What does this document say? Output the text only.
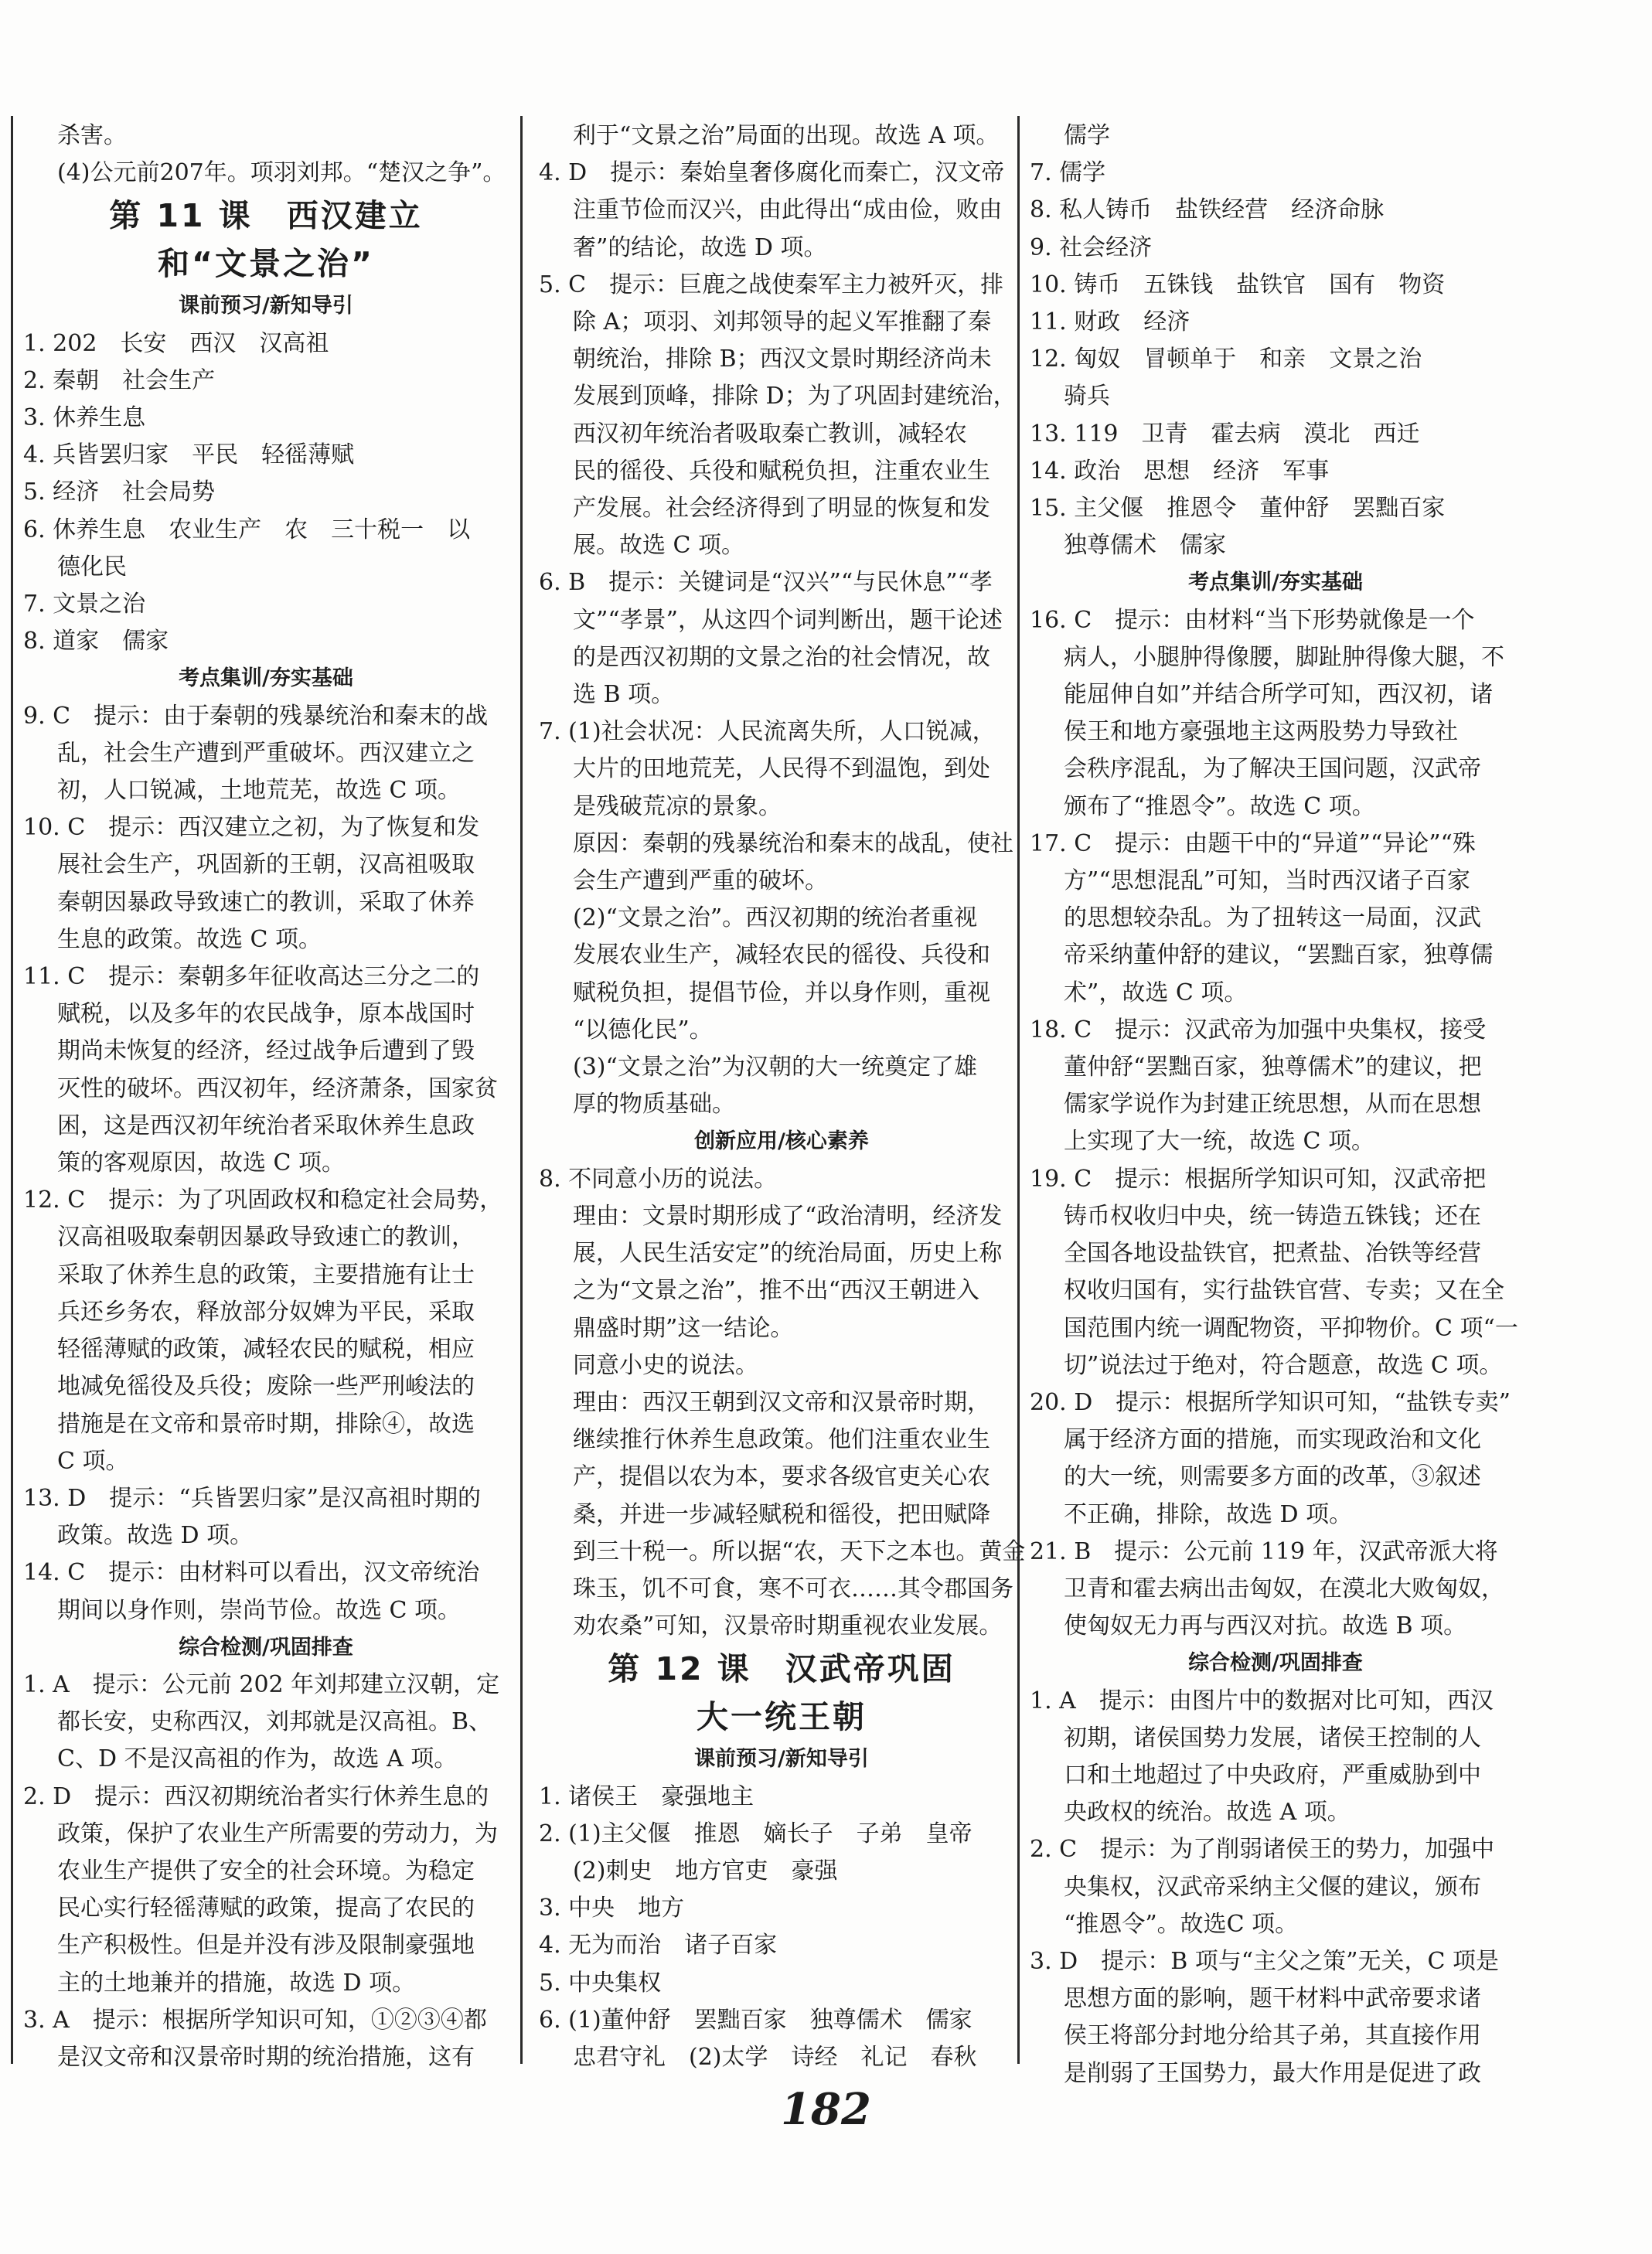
杀害。
(4)公元前207年。项羽刘邦。“楚汉之争”。
第 11 课　西汉建立
和“文景之治”
课前预习/新知导引
1. 202　长安　西汉　汉高祖
2. 秦朝　社会生产
3. 休养生息
4. 兵皆罢归家　平民　轻徭薄赋
5. 经济　社会局势
6. 休养生息　农业生产　农　三十税一　以
德化民
7. 文景之治
8. 道家　儒家
考点集训/夯实基础
9. C　提示：由于秦朝的残暴统治和秦末的战
乱，社会生产遭到严重破坏。西汉建立之
初，人口锐减，土地荒芜，故选 C 项。
10. C　提示：西汉建立之初，为了恢复和发
展社会生产，巩固新的王朝，汉高祖吸取
秦朝因暴政导致速亡的教训，采取了休养
生息的政策。故选 C 项。
11. C　提示：秦朝多年征收高达三分之二的
赋税，以及多年的农民战争，原本战国时
期尚未恢复的经济，经过战争后遭到了毁
灭性的破坏。西汉初年，经济萧条，国家贫
困，这是西汉初年统治者采取休养生息政
策的客观原因，故选 C 项。
12. C　提示：为了巩固政权和稳定社会局势，
汉高祖吸取秦朝因暴政导致速亡的教训，
采取了休养生息的政策，主要措施有让士
兵还乡务农，释放部分奴婢为平民，采取
轻徭薄赋的政策，减轻农民的赋税，相应
地减免徭役及兵役；废除一些严刑峻法的
措施是在文帝和景帝时期，排除④，故选
C 项。
13. D　提示：“兵皆罢归家”是汉高祖时期的
政策。故选 D 项。
14. C　提示：由材料可以看出，汉文帝统治
期间以身作则，崇尚节俭。故选 C 项。
综合检测/巩固排查
1. A　提示：公元前 202 年刘邦建立汉朝，定
都长安，史称西汉，刘邦就是汉高祖。B、
C、D 不是汉高祖的作为，故选 A 项。
2. D　提示：西汉初期统治者实行休养生息的
政策，保护了农业生产所需要的劳动力，为
农业生产提供了安全的社会环境。为稳定
民心实行轻徭薄赋的政策，提高了农民的
生产积极性。但是并没有涉及限制豪强地
主的土地兼并的措施，故选 D 项。
3. A　提示：根据所学知识可知，①②③④都
是汉文帝和汉景帝时期的统治措施，这有
利于“文景之治”局面的出现。故选 A 项。
4. D　提示：秦始皇奢侈腐化而秦亡，汉文帝
注重节俭而汉兴，由此得出“成由俭，败由
奢”的结论，故选 D 项。
5. C　提示：巨鹿之战使秦军主力被歼灭，排
除 A；项羽、刘邦领导的起义军推翻了秦
朝统治，排除 B；西汉文景时期经济尚未
发展到顶峰，排除 D；为了巩固封建统治，
西汉初年统治者吸取秦亡教训，减轻农
民的徭役、兵役和赋税负担，注重农业生
产发展。社会经济得到了明显的恢复和发
展。故选 C 项。
6. B　提示：关键词是“汉兴”“与民休息”“孝
文”“孝景”，从这四个词判断出，题干论述
的是西汉初期的文景之治的社会情况，故
选 B 项。
7. (1)社会状况：人民流离失所，人口锐减，
大片的田地荒芜，人民得不到温饱，到处
是残破荒凉的景象。
原因：秦朝的残暴统治和秦末的战乱，使社
会生产遭到严重的破坏。
(2)“文景之治”。西汉初期的统治者重视
发展农业生产，减轻农民的徭役、兵役和
赋税负担，提倡节俭，并以身作则，重视
“以德化民”。
(3)“文景之治”为汉朝的大一统奠定了雄
厚的物质基础。
创新应用/核心素养
8. 不同意小历的说法。
理由：文景时期形成了“政治清明，经济发
展，人民生活安定”的统治局面，历史上称
之为“文景之治”，推不出“西汉王朝进入
鼎盛时期”这一结论。
同意小史的说法。
理由：西汉王朝到汉文帝和汉景帝时期，
继续推行休养生息政策。他们注重农业生
产，提倡以农为本，要求各级官吏关心农
桑，并进一步减轻赋税和徭役，把田赋降
到三十税一。所以据“农，天下之本也。黄金
珠玉，饥不可食，寒不可衣……其令郡国务
劝农桑”可知，汉景帝时期重视农业发展。
第 12 课　汉武帝巩固
大一统王朝
课前预习/新知导引
1. 诸侯王　豪强地主
2. (1)主父偃　推恩　嫡长子　子弟　皇帝
(2)刺史　地方官吏　豪强
3. 中央　地方
4. 无为而治　诸子百家
5. 中央集权
6. (1)董仲舒　罢黜百家　独尊儒术　儒家
忠君守礼　(2)太学　诗经　礼记　春秋
儒学
7. 儒学
8. 私人铸币　盐铁经营　经济命脉
9. 社会经济
10. 铸币　五铢钱　盐铁官　国有　物资
11. 财政　经济
12. 匈奴　冒顿单于　和亲　文景之治
骑兵
13. 119　卫青　霍去病　漠北　西迁
14. 政治　思想　经济　军事
15. 主父偃　推恩令　董仲舒　罢黜百家
独尊儒术　儒家
考点集训/夯实基础
16. C　提示：由材料“当下形势就像是一个
病人，小腿肿得像腰，脚趾肿得像大腿，不
能屈伸自如”并结合所学可知，西汉初，诸
侯王和地方豪强地主这两股势力导致社
会秩序混乱，为了解决王国问题，汉武帝
颁布了“推恩令”。故选 C 项。
17. C　提示：由题干中的“异道”“异论”“殊
方”“思想混乱”可知，当时西汉诸子百家
的思想较杂乱。为了扭转这一局面，汉武
帝采纳董仲舒的建议，“罢黜百家，独尊儒
术”，故选 C 项。
18. C　提示：汉武帝为加强中央集权，接受
董仲舒“罢黜百家，独尊儒术”的建议，把
儒家学说作为封建正统思想，从而在思想
上实现了大一统，故选 C 项。
19. C　提示：根据所学知识可知，汉武帝把
铸币权收归中央，统一铸造五铢钱；还在
全国各地设盐铁官，把煮盐、冶铁等经营
权收归国有，实行盐铁官营、专卖；又在全
国范围内统一调配物资，平抑物价。C 项“一
切”说法过于绝对，符合题意，故选 C 项。
20. D　提示：根据所学知识可知，“盐铁专卖”
属于经济方面的措施，而实现政治和文化
的大一统，则需要多方面的改革，③叙述
不正确，排除，故选 D 项。
21. B　提示：公元前 119 年，汉武帝派大将
卫青和霍去病出击匈奴，在漠北大败匈奴，
使匈奴无力再与西汉对抗。故选 B 项。
综合检测/巩固排查
1. A　提示：由图片中的数据对比可知，西汉
初期，诸侯国势力发展，诸侯王控制的人
口和土地超过了中央政府，严重威胁到中
央政权的统治。故选 A 项。
2. C　提示：为了削弱诸侯王的势力，加强中
央集权，汉武帝采纳主父偃的建议，颁布
“推恩令”。故选C 项。
3. D　提示：B 项与“主父之策”无关，C 项是
思想方面的影响，题干材料中武帝要求诸
侯王将部分封地分给其子弟，其直接作用
是削弱了王国势力，最大作用是促进了政
182
